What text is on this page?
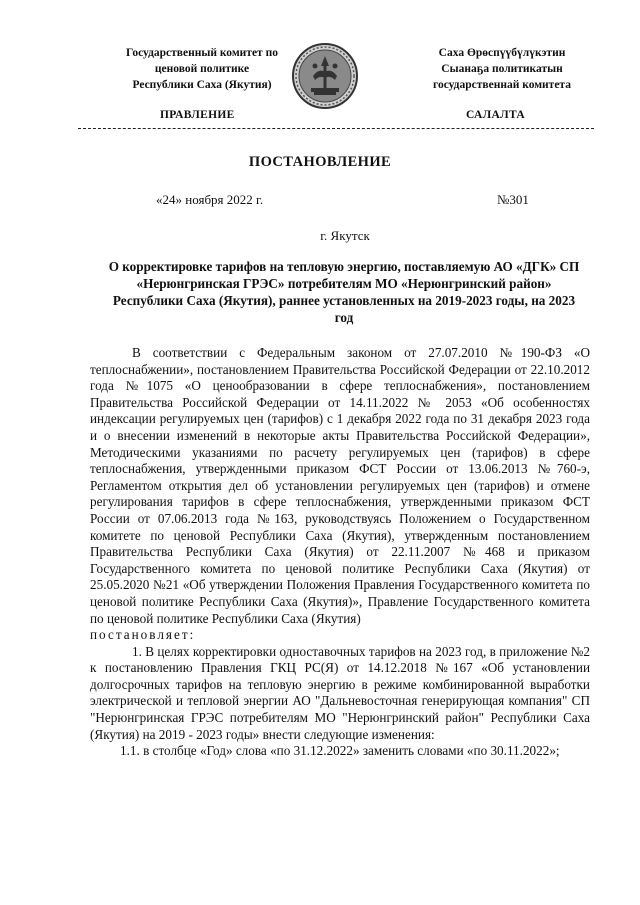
Государственный комитет по
ценовой политике
Республики Саха (Якутия)
Саха Өрөспүүбүлүкэтин
Сыанаҕа политикатын
государственнай комитета
ПРАВЛЕНИЕ	САЛАЛТА
ПОСТАНОВЛЕНИЕ
«24» ноября 2022 г.	№301
г. Якутск
О корректировке тарифов на тепловую энергию, поставляемую АО «ДГК» СП «Нерюнгринская ГРЭС» потребителям МО «Нерюнгринский район» Республики Саха (Якутия), раннее установленных на 2019-2023 годы, на 2023 год

В соответствии с Федеральным законом от 27.07.2010 №190-ФЗ «О теплоснабжении», постановлением Правительства Российской Федерации от 22.10.2012 года №1075 «О ценообразовании в сфере теплоснабжения», постановлением Правительства Российской Федерации от 14.11.2022 № 2053 «Об особенностях индексации регулируемых цен (тарифов) с 1 декабря 2022 года по 31 декабря 2023 года и о внесении изменений в некоторые акты Правительства Российской Федерации», Методическими указаниями по расчету регулируемых цен (тарифов) в сфере теплоснабжения, утвержденными приказом ФСТ России от 13.06.2013 №760-э, Регламентом открытия дел об установлении регулируемых цен (тарифов) и отмене регулирования тарифов в сфере теплоснабжения, утвержденными приказом ФСТ России от 07.06.2013 года №163, руководствуясь Положением о Государственном комитете по ценовой Республики Саха (Якутия), утвержденным постановлением Правительства Республики Саха (Якутия) от 22.11.2007 №468 и приказом Государственного комитета по ценовой политике Республики Саха (Якутия) от 25.05.2020 №21 «Об утверждении Положения Правления Государственного комитета по ценовой политике Республики Саха (Якутия)», Правление Государственного комитета по ценовой политике Республики Саха (Якутия)

постановляет:

1. В целях корректировки одноставочных тарифов на 2023 год, в приложение №2 к постановлению Правления ГКЦ РС(Я) от 14.12.2018 №167 «Об установлении долгосрочных тарифов на тепловую энергию в режиме комбинированной выработки электрической и тепловой энергии АО "Дальневосточная генерирующая компания" СП "Нерюнгринская ГРЭС потребителям МО "Нерюнгринский район" Республики Саха (Якутия) на 2019 - 2023 годы» внести следующие изменения:

1.1. в столбце «Год» слова «по 31.12.2022» заменить словами «по 30.11.2022»;
